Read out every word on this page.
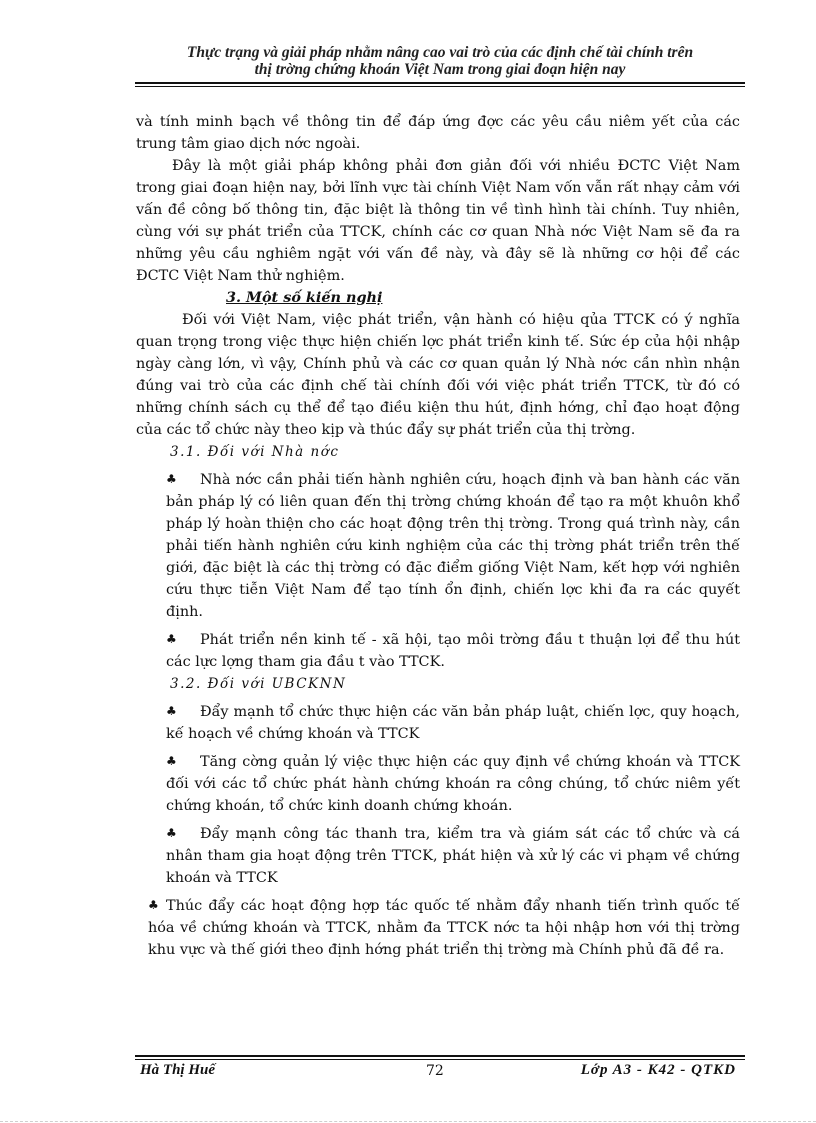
Thực trạng và giải pháp nhằm nâng cao vai trò của các định chế tài chính trên
thị trờng chứng khoán Việt Nam trong giai đoạn hiện nay

và tính minh bạch về thông tin để đáp ứng đợc các yêu cầu niêm yết của các trung tâm giao dịch nớc ngoài.

Đây là một giải pháp không phải đơn giản đối với nhiều ĐCTC Việt Nam trong giai đoạn hiện nay, bởi lĩnh vực tài chính Việt Nam vốn vẫn rất nhạy cảm với vấn đề công bố thông tin, đặc biệt là thông tin về tình hình tài chính. Tuy nhiên, cùng với sự phát triển của TTCK, chính các cơ quan Nhà nớc Việt Nam sẽ đa ra những yêu cầu nghiêm ngặt với vấn đề này, và đây sẽ là những cơ hội để các ĐCTC Việt Nam thử nghiệm.

3. Một số kiến nghị

Đối với Việt Nam, việc phát triển, vận hành có hiệu qủa TTCK có ý nghĩa quan trọng trong việc thực hiện chiến lợc phát triển kinh tế. Sức ép của hội nhập ngày càng lớn, vì vậy, Chính phủ và các cơ quan quản lý Nhà nớc cần nhìn nhận đúng vai trò của các định chế tài chính đối với việc phát triển TTCK, từ đó có những chính sách cụ thể để tạo điều kiện thu hút, định hớng, chỉ đạo hoạt động của các tổ chức này theo kịp và thúc đẩy sự phát triển của thị trờng.

3.1. Đối với Nhà nớc

♣ Nhà nớc cần phải tiến hành nghiên cứu, hoạch định và ban hành các văn bản pháp lý có liên quan đến thị trờng chứng khoán để tạo ra một khuôn khổ pháp lý hoàn thiện cho các hoạt động trên thị trờng. Trong quá trình này, cần phải tiến hành nghiên cứu kinh nghiệm của các thị trờng phát triển trên thế giới, đặc biệt là các thị trờng có đặc điểm giống Việt Nam, kết hợp với nghiên cứu thực tiễn Việt Nam để tạo tính ổn định, chiến lợc khi đa ra các quyết định.

♣ Phát triển nền kinh tế - xã hội, tạo môi trờng đầu t thuận lợi để thu hút các lực lợng tham gia đầu t vào TTCK.

3.2. Đối với UBCKNN

♣ Đẩy mạnh tổ chức thực hiện các văn bản pháp luật, chiến lợc, quy hoạch, kế hoạch về chứng khoán và TTCK

♣ Tăng cờng quản lý việc thực hiện các quy định về chứng khoán và TTCK đối với các tổ chức phát hành chứng khoán ra công chúng, tổ chức niêm yết chứng khoán, tổ chức kinh doanh chứng khoán.

♣ Đẩy mạnh công tác thanh tra, kiểm tra và giám sát các tổ chức và cá nhân tham gia hoạt động trên TTCK, phát hiện và xử lý các vi phạm về chứng khoán và TTCK

♣ Thúc đẩy các hoạt động hợp tác quốc tế nhằm đẩy nhanh tiến trình quốc tế hóa về chứng khoán và TTCK, nhằm đa TTCK nớc ta hội nhập hơn với thị trờng khu vực và thế giới theo định hớng phát triển thị trờng mà Chính phủ đã đề ra.

Hà Thị Huế	72	Lớp A3 - K42 - QTKD
